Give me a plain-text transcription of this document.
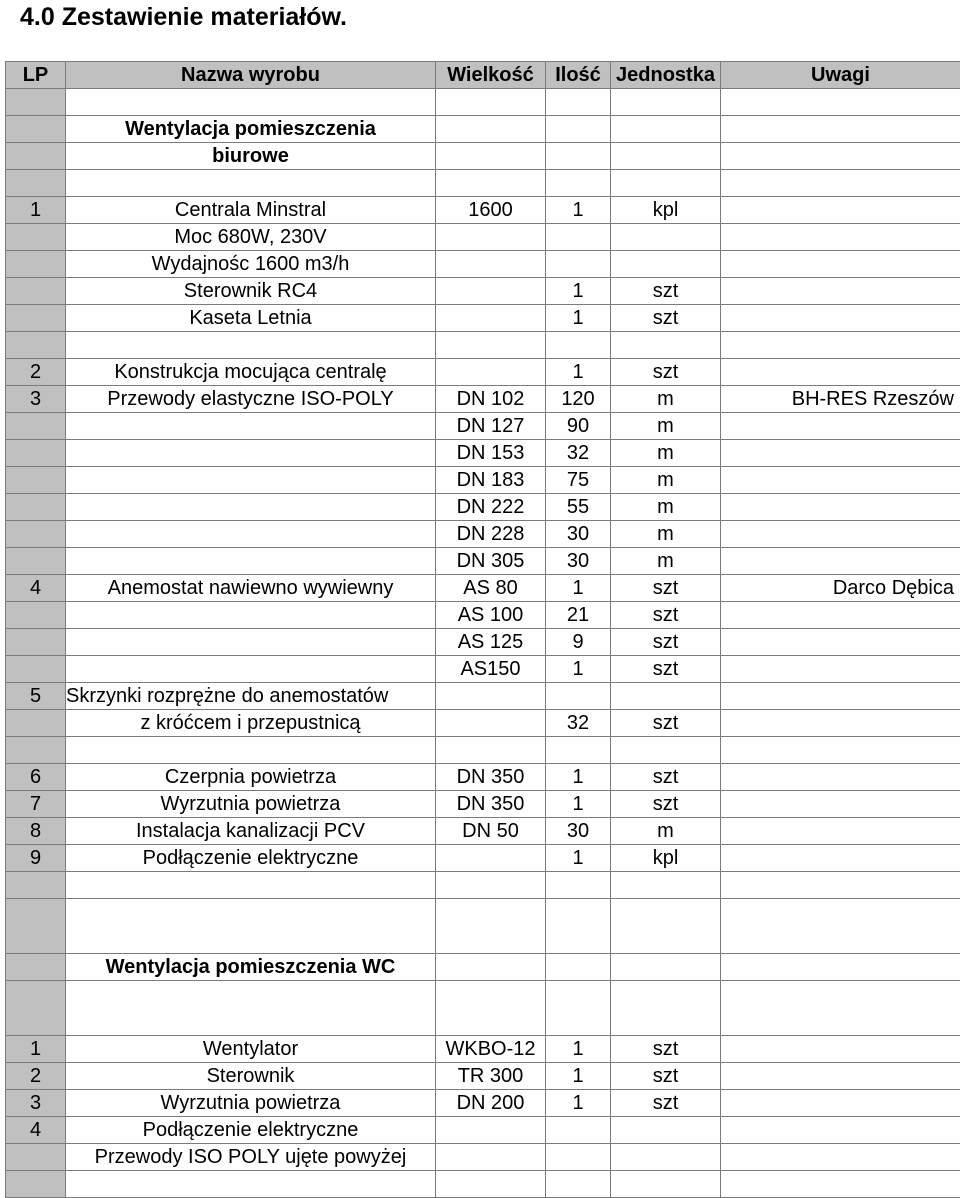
4.0 Zestawienie materiałów.
LP	Nazwa wyrobu	Wielkość	Ilość	Jednostka	Uwagi

	Wentylacja pomieszczenia				
	biurowe				

1	Centrala Minstral	1600	1	kpl	
	Moc 680W, 230V				
	Wydajnośc 1600 m3/h				
	Sterownik RC4		1	szt	
	Kaseta Letnia		1	szt	

2	Konstrukcja mocująca centralę		1	szt	
3	Przewody elastyczne ISO-POLY	DN 102	120	m	BH-RES Rzeszów
		DN 127	90	m	
		DN 153	32	m	
		DN 183	75	m	
		DN 222	55	m	
		DN 228	30	m	
		DN 305	30	m	
4	Anemostat nawiewno wywiewny	AS 80	1	szt	Darco Dębica
		AS 100	21	szt	
		AS 125	9	szt	
		AS150	1	szt	
5	Skrzynki rozprężne do anemostatów				
	z króćcem i przepustnicą		32	szt	

6	Czerpnia powietrza	DN 350	1	szt	
7	Wyrzutnia powietrza	DN 350	1	szt	
8	Instalacja kanalizacji PCV	DN 50	30	m	
9	Podłączenie elektryczne		1	kpl	

	Wentylacja pomieszczenia WC				

1	Wentylator	WKBO-12	1	szt	
2	Sterownik	TR 300	1	szt	
3	Wyrzutnia powietrza	DN 200	1	szt	
4	Podłączenie elektryczne				
	Przewody ISO POLY ujęte powyżej				
